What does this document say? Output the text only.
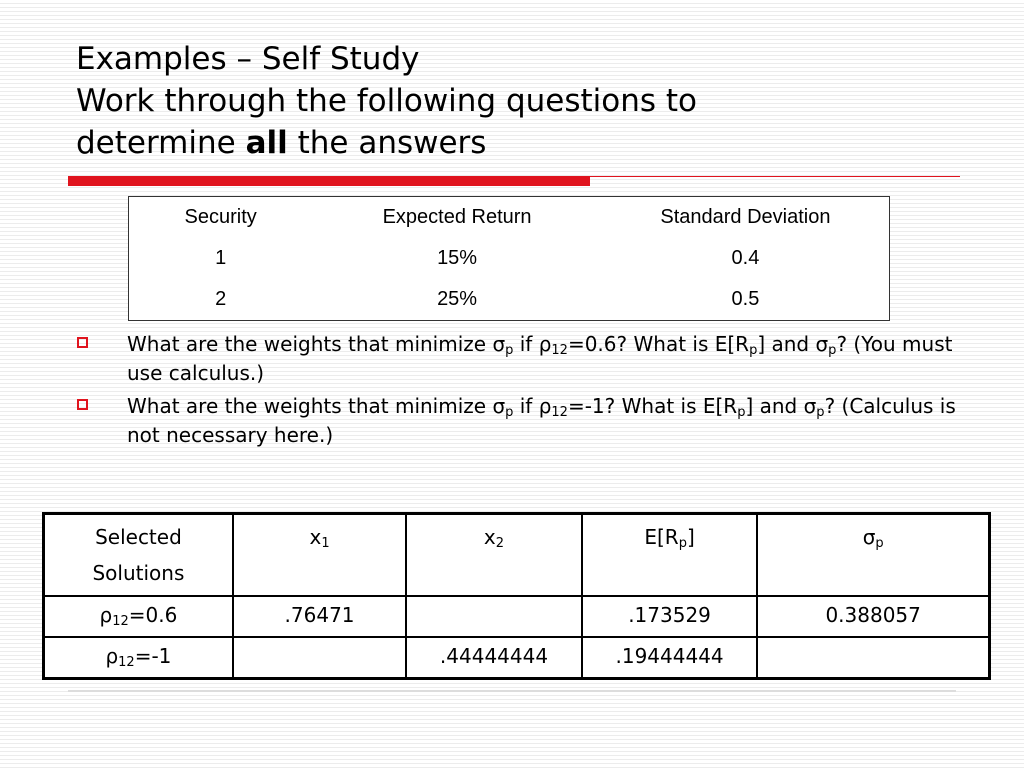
Examples – Self Study
Work through the following questions to
determine all the answers
Security	Expected Return	Standard Deviation
1	15%	0.4
2	25%	0.5
What are the weights that minimize $\sigma_p$ if $\rho_{12}=0.6$? What is $E[R_p]$ and $\sigma_p$? (You must use calculus.)
What are the weights that minimize $\sigma_p$ if $\rho_{12}=-1$? What is $E[R_p]$ and $\sigma_p$? (Calculus is not necessary here.)
Selected
Solutions	$x_1$	$x_2$	$E[R_p]$	$\sigma_p$
$\rho_{12}=0.6$	.76471		.173529	0.388057
$\rho_{12}=-1$		.44444444	.19444444	
